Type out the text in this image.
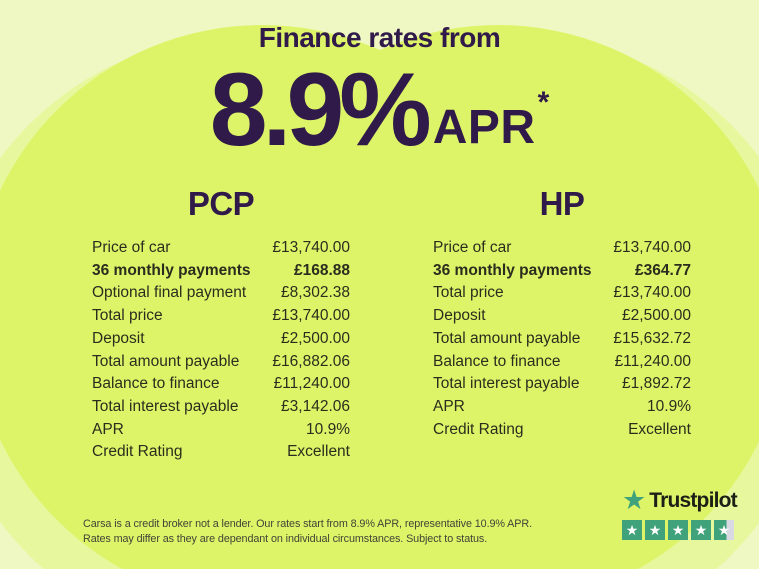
Finance rates from
8.9% APR *
PCP
Price of car	£13,740.00
36 monthly payments	£168.88
Optional final payment £8,302.38
Total price	£13,740.00
Deposit	£2,500.00
Total amount payable £16,882.06
Balance to finance	£11,240.00
Total interest payable	£3,142.06
APR	10.9%
Credit Rating	Excellent
HP
Price of car	£13,740.00
36 monthly payments	£364.77
Total price	£13,740.00
Deposit	£2,500.00
Total amount payable £15,632.72
Balance to finance	£11,240.00
Total interest payable	£1,892.72
APR	10.9%
Credit Rating	Excellent
Carsa is a credit broker not a lender. Our rates start from 8.9% APR, representative 10.9% APR.
Rates may differ as they are dependant on individual circumstances. Subject to status.
★ Trustpilot
★ ★ ★ ★ ★
